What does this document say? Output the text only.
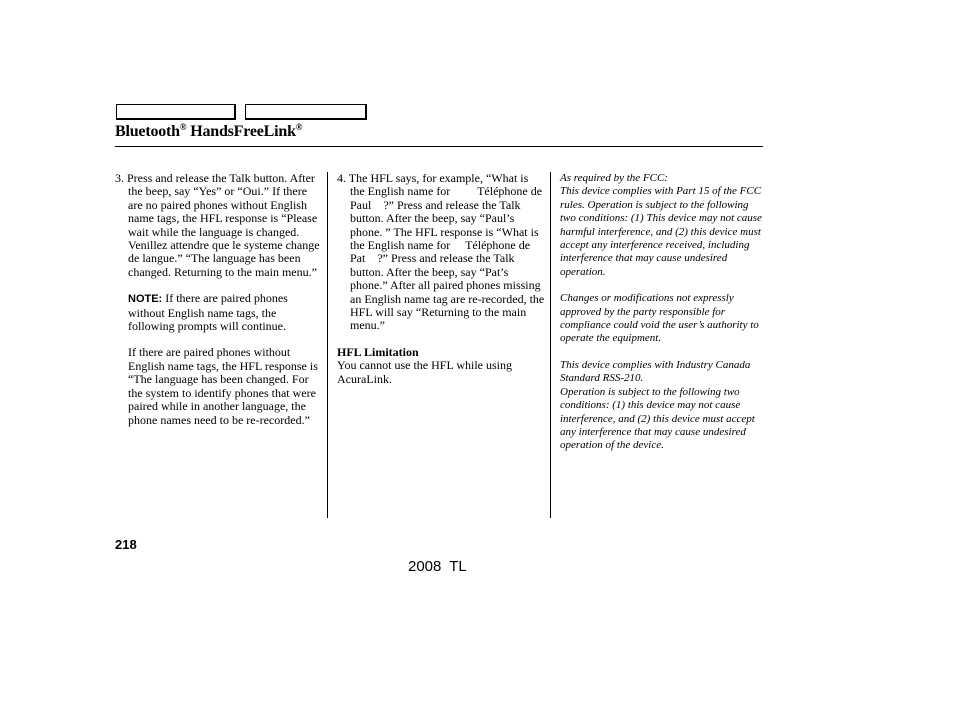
Bluetooth® HandsFreeLink®

3. Press and release the Talk button. After the beep, say “Yes” or “Oui.” If there are no paired phones without English name tags, the HFL response is “Please wait while the language is changed. Venillez attendre que le systeme change de langue.” “The language has been changed. Returning to the main menu.”

NOTE: If there are paired phones without English name tags, the following prompts will continue.

If there are paired phones without English name tags, the HFL response is “The language has been changed. For the system to identify phones that were paired while in another language, the phone names need to be re-recorded.”

4. The HFL says, for example, “What is the English name for         Téléphone de Paul    ?” Press and release the Talk button. After the beep, say “Paul’s phone. ” The HFL response is “What is the English name for     Téléphone de Pat    ?” Press and release the Talk button. After the beep, say “Pat’s phone.” After all paired phones missing an English name tag are re-recorded, the HFL will say “Returning to the main menu.”

HFL Limitation

You cannot use the HFL while using AcuraLink.

As required by the FCC:

This device complies with Part 15 of the FCC rules. Operation is subject to the following two conditions: (1) This device may not cause harmful interference, and (2) this device must accept any interference received, including interference that may cause undesired operation.

Changes or modifications not expressly approved by the party responsible for compliance could void the user’s authority to operate the equipment.

This device complies with Industry Canada Standard RSS-210.

Operation is subject to the following two conditions: (1) this device may not cause interference, and (2) this device must accept any interference that may cause undesired operation of the device.

218
2008 TL
